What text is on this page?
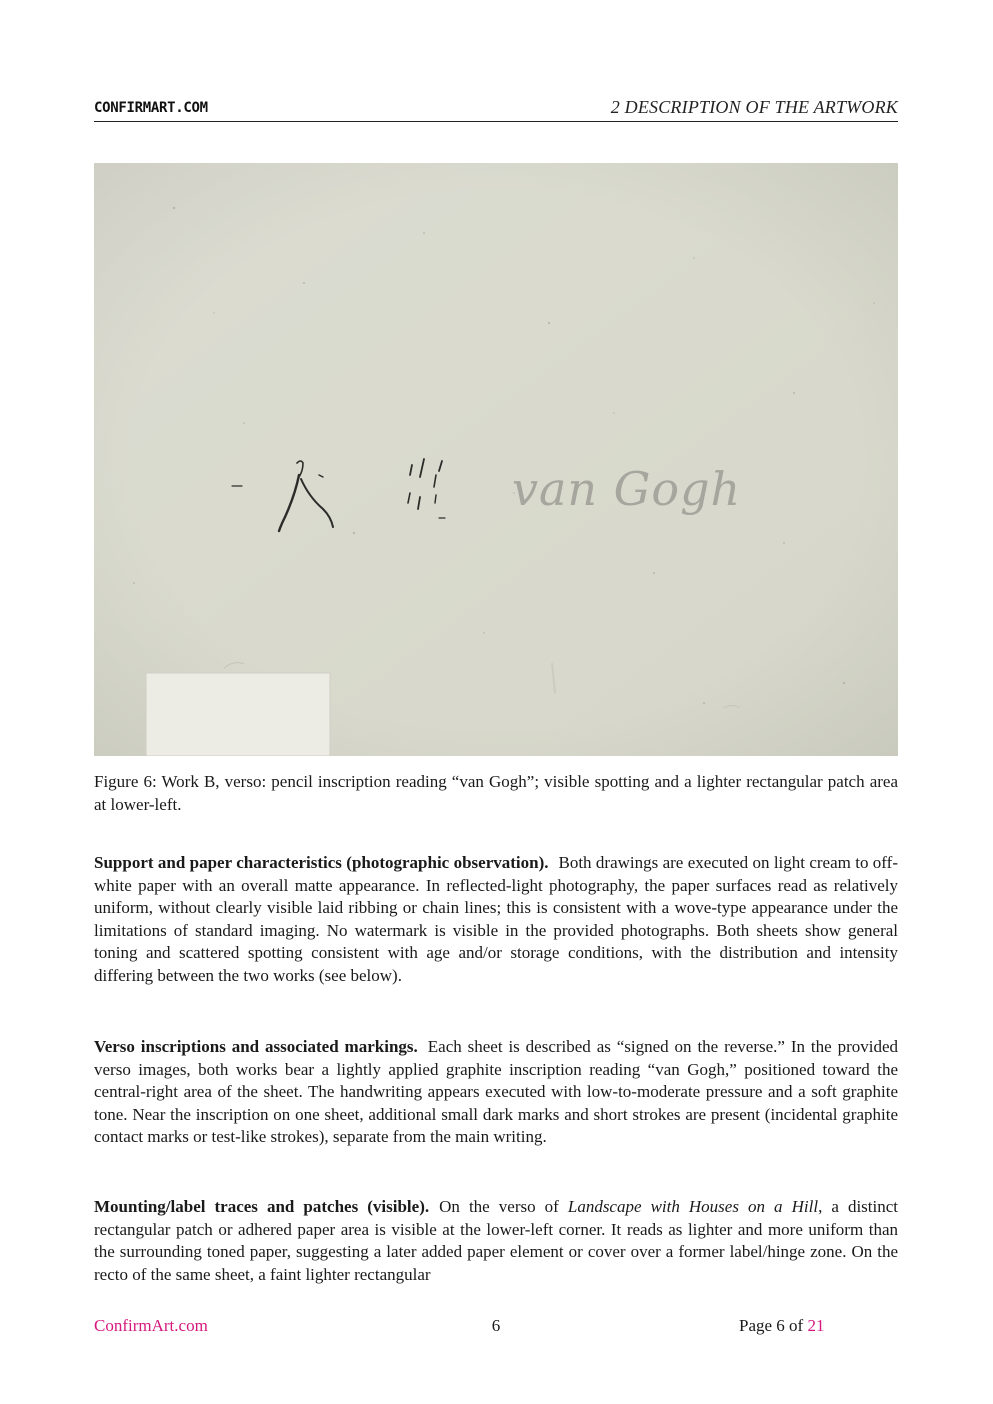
CONFIRMART.COM	2 DESCRIPTION OF THE ARTWORK
van Gogh
Figure 6: Work B, verso: pencil inscription reading “van Gogh”; visible spotting and a lighter rectangular patch area at lower-left.
Support and paper characteristics (photographic observation). Both drawings are executed on light cream to off-white paper with an overall matte appearance. In reflected-light photography, the paper surfaces read as relatively uniform, without clearly visible laid ribbing or chain lines; this is consistent with a wove-type appearance under the limitations of standard imaging. No watermark is visible in the provided photographs. Both sheets show general toning and scattered spotting consistent with age and/or storage conditions, with the distribution and intensity differing between the two works (see below).
Verso inscriptions and associated markings. Each sheet is described as “signed on the reverse.” In the provided verso images, both works bear a lightly applied graphite inscription reading “van Gogh,” positioned toward the central-right area of the sheet. The handwriting appears executed with low-to-moderate pressure and a soft graphite tone. Near the inscription on one sheet, additional small dark marks and short strokes are present (incidental graphite contact marks or test-like strokes), separate from the main writing.
Mounting/label traces and patches (visible). On the verso of Landscape with Houses on a Hill, a distinct rectangular patch or adhered paper area is visible at the lower-left corner. It reads as lighter and more uniform than the surrounding toned paper, suggesting a later added paper element or cover over a former label/hinge zone. On the recto of the same sheet, a faint lighter rectangular
ConfirmArt.com	6	Page 6 of 21
